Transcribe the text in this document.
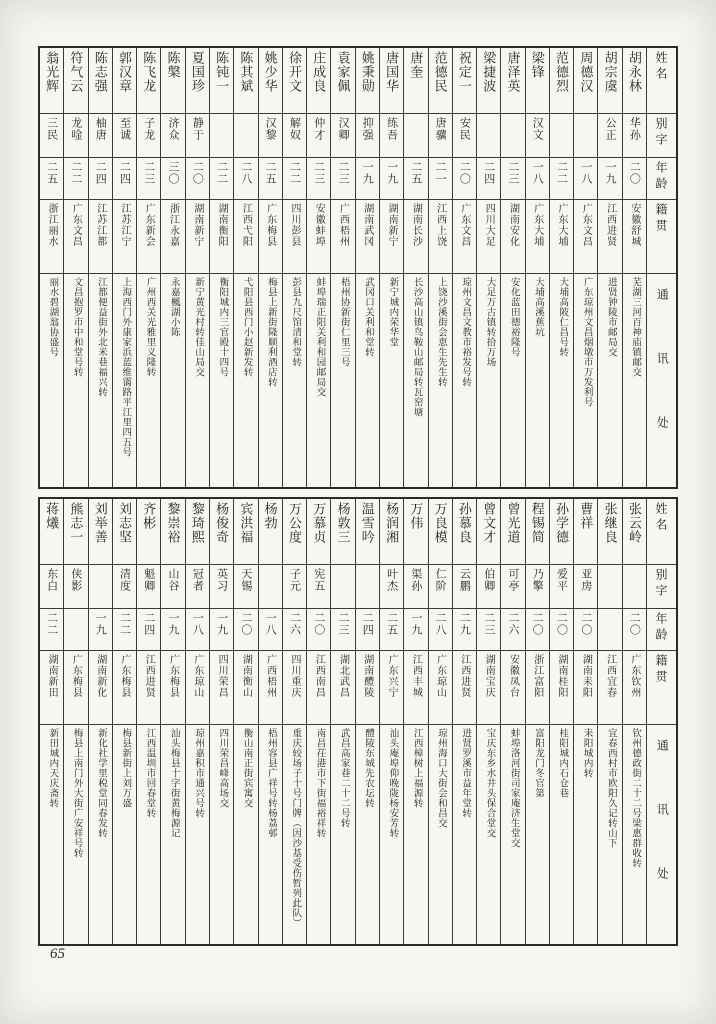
翁光辉
三民
二五
浙江丽水
丽水碧湖翁协盛号
符气云
龙唫
二二
广东文昌
文昌抱罗市中和堂号转
陈志强
柚唐
二四
江苏江都
江都便益街外北米巷福兴转
郭汉章
至诚
二四
江苏江宁
上海西门外康家浜蓝维霭路平江里四五号
陈飞龙
子龙
二三
广东新会
广州西关光雅里义隆转
陈槃
济众
三〇
浙江永嘉
永嘉楓湖小陈
夏国珍
静于
二〇
湖南新宁
新宁黄光村转佳山局交
陈钝一
二二
湖南衡阳
衡阳城内三官殿十四号
陈其斌
二八
江西弋阳
弋阳县西门小赵新发转
姚少华
汉黎
二五
广东梅县
梅县上新街隆顺利酒店转
徐开文
解奴
二二
四川彭县
彭县九尺馆清和堂转
庄成良
仲才
二三
安徽蚌埠
蚌埠瑞正阳关利和园邮局交
袁家佩
汉卿
二三
广西梧州
梧州协新街仁里三号
姚秉勋
抑强
一九
湖南武冈
武冈口关利和堂转
唐国华
练吾
一九
湖南新宁
新宁城内荣华堂
唐奎
二五
湖南长沙
长沙高山镇鸟鞍山邮局转瓦窑塘
范德民
唐骥
二一
江西上饶
上饶沙溪街会恵生先生转
祝定一
安民
二〇
广东文昌
琼州文昌文教市裕发号转
梁捷波
二四
四川大足
大足万古镇转拾万场
唐泽英
二三
湖南安化
安化蓝田德裕隆号
梁锋
汉文
一八
广东大埔
大埔高溪蕉坑
范德烈
二二
广东大埔
大埔高陂仁昌号转
周德汉
一八
广东文昌
广东琼州文昌烟墩市万发利号
胡宗虞
公正
一九
江西进贤
进贤钟陵市邮局交
胡永林
华孙
二〇
安徽舒城
芜湖三河百神庙镇邮交
姓名
别字
年龄
籍贯
通讯处
蒋爔
东白
二二
湖南新田
新田城内天庆斋转
熊志一
侠影
广东梅县
梅县上南门外大街广安祥号转
刘举善
一九
湖南新化
新化社学里税堂同春发转
刘志坚
清度
二二
广东梅县
梅县新街上刘万盛
齐彬
魁卿
二四
江西进贤
江西温圳市回春堂转
黎崇裕
山谷
一九
广东梅县
汕头梅县十字街黄梅源记
黎琦熙
冠者
一八
广东琼山
琼州嘉积市通兴号转
杨俊奇
英习
一九
四川荣昌
四川荣昌峰高场交
宾洪福
天锡
二〇
湖南衡山
衡山南正街宾寓交
杨勃
一八
广西梧州
梧州容县广祥号转杨荔邨
万公度
子元
二六
四川重庆
重庆较场子十号门牌（因沙基受伤暂列此队）
万慕贞
宪五
二〇
江西南昌
南昌茌港市下街福裕祥转
杨敦三
二三
湖北武昌
武昌高家巷二十二号转
温雪吟
二四
湖南醴陵
醴陵东城先农坛转
杨润湘
叶杰
二五
广东兴宁
汕头庵埠仰晚陇杨安芳转
万伟
渠孙
一九
江西丰城
江西樟树上福源转
万良模
仁阶
二八
广东琼山
琼州海口大街会和昌交
孙慕良
云鹏
二九
江西进贤
进贤罗溪市益年堂转
曾文才
伯卿
二三
湖南宝庆
宝庆东乡水井头保合堂交
曾光道
可亭
二六
安徽凤台
蚌埠洛河街司家庵济生堂交
程锡简
乃擎
二〇
浙江富阳
富阳龙门冬官第
孙学德
爱平
二〇
湖南桂阳
桂阳城内石仓巷
曹祥
亚房
二〇
湖南耒阳
耒阳城内转
张继良
江西宜春
宜春西村市欧阳久记转山下
张云岭
二〇
广东钦州
钦州德政街二十二号梁惠群收转
姓名
别字
年龄
籍贯
通讯处
65
